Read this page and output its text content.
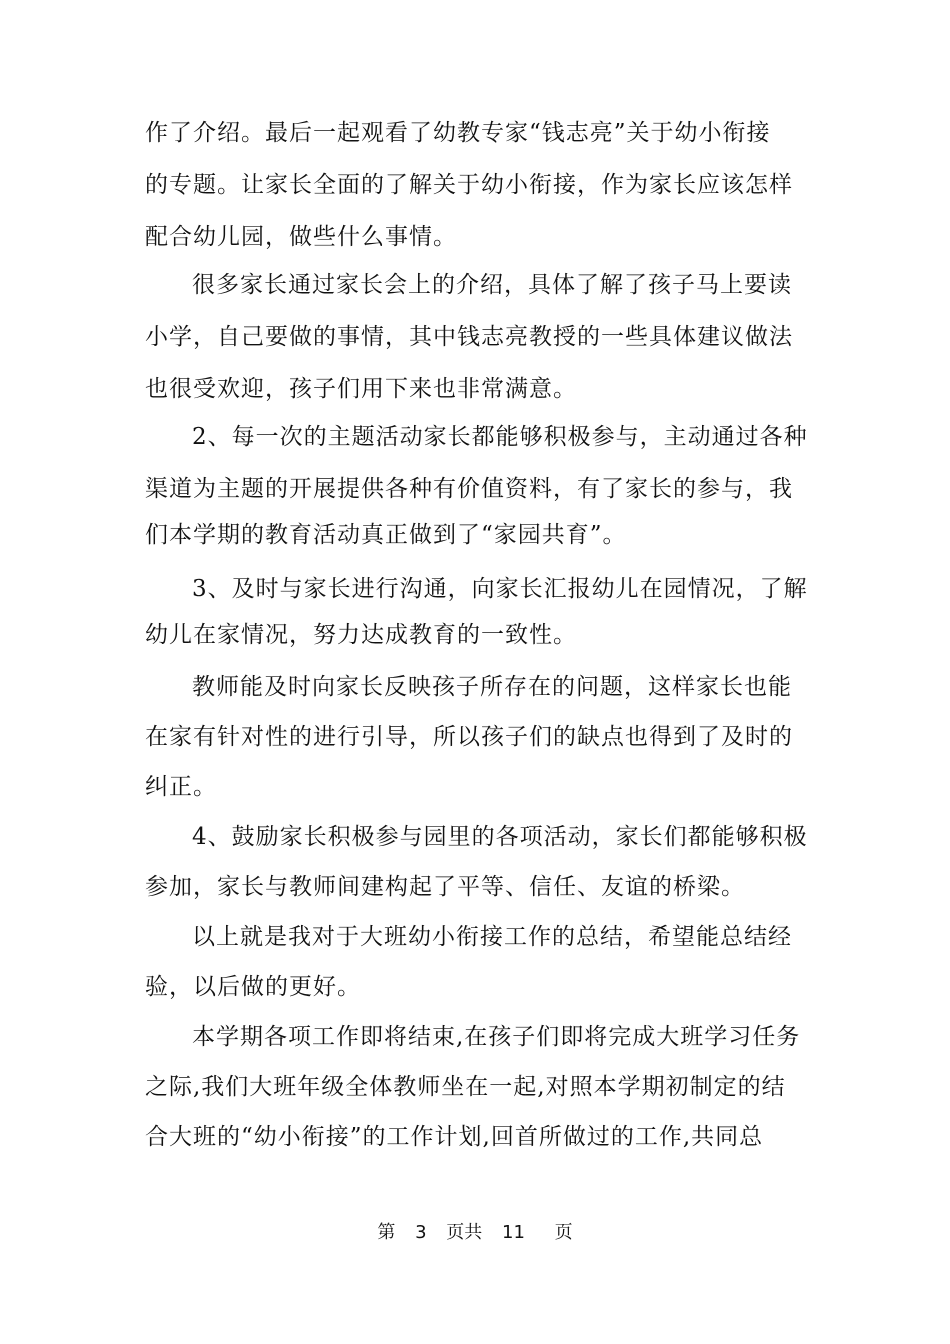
作了介绍。最后一起观看了幼教专家“钱志亮”关于幼小衔接
的专题。让家长全面的了解关于幼小衔接，作为家长应该怎样
配合幼儿园，做些什么事情。
很多家长通过家长会上的介绍，具体了解了孩子马上要读
小学，自己要做的事情，其中钱志亮教授的一些具体建议做法
也很受欢迎，孩子们用下来也非常满意。
2、每一次的主题活动家长都能够积极参与，主动通过各种
渠道为主题的开展提供各种有价值资料，有了家长的参与，我
们本学期的教育活动真正做到了“家园共育”。
3、及时与家长进行沟通，向家长汇报幼儿在园情况，了解
幼儿在家情况，努力达成教育的一致性。
教师能及时向家长反映孩子所存在的问题，这样家长也能
在家有针对性的进行引导，所以孩子们的缺点也得到了及时的
纠正。
4、鼓励家长积极参与园里的各项活动，家长们都能够积极
参加，家长与教师间建构起了平等、信任、友谊的桥梁。
以上就是我对于大班幼小衔接工作的总结，希望能总结经
验，以后做的更好。
本学期各项工作即将结束,在孩子们即将完成大班学习任务
之际,我们大班年级全体教师坐在一起,对照本学期初制定的结
合大班的“幼小衔接”的工作计划,回首所做过的工作,共同总
第 3 页共 11 页
